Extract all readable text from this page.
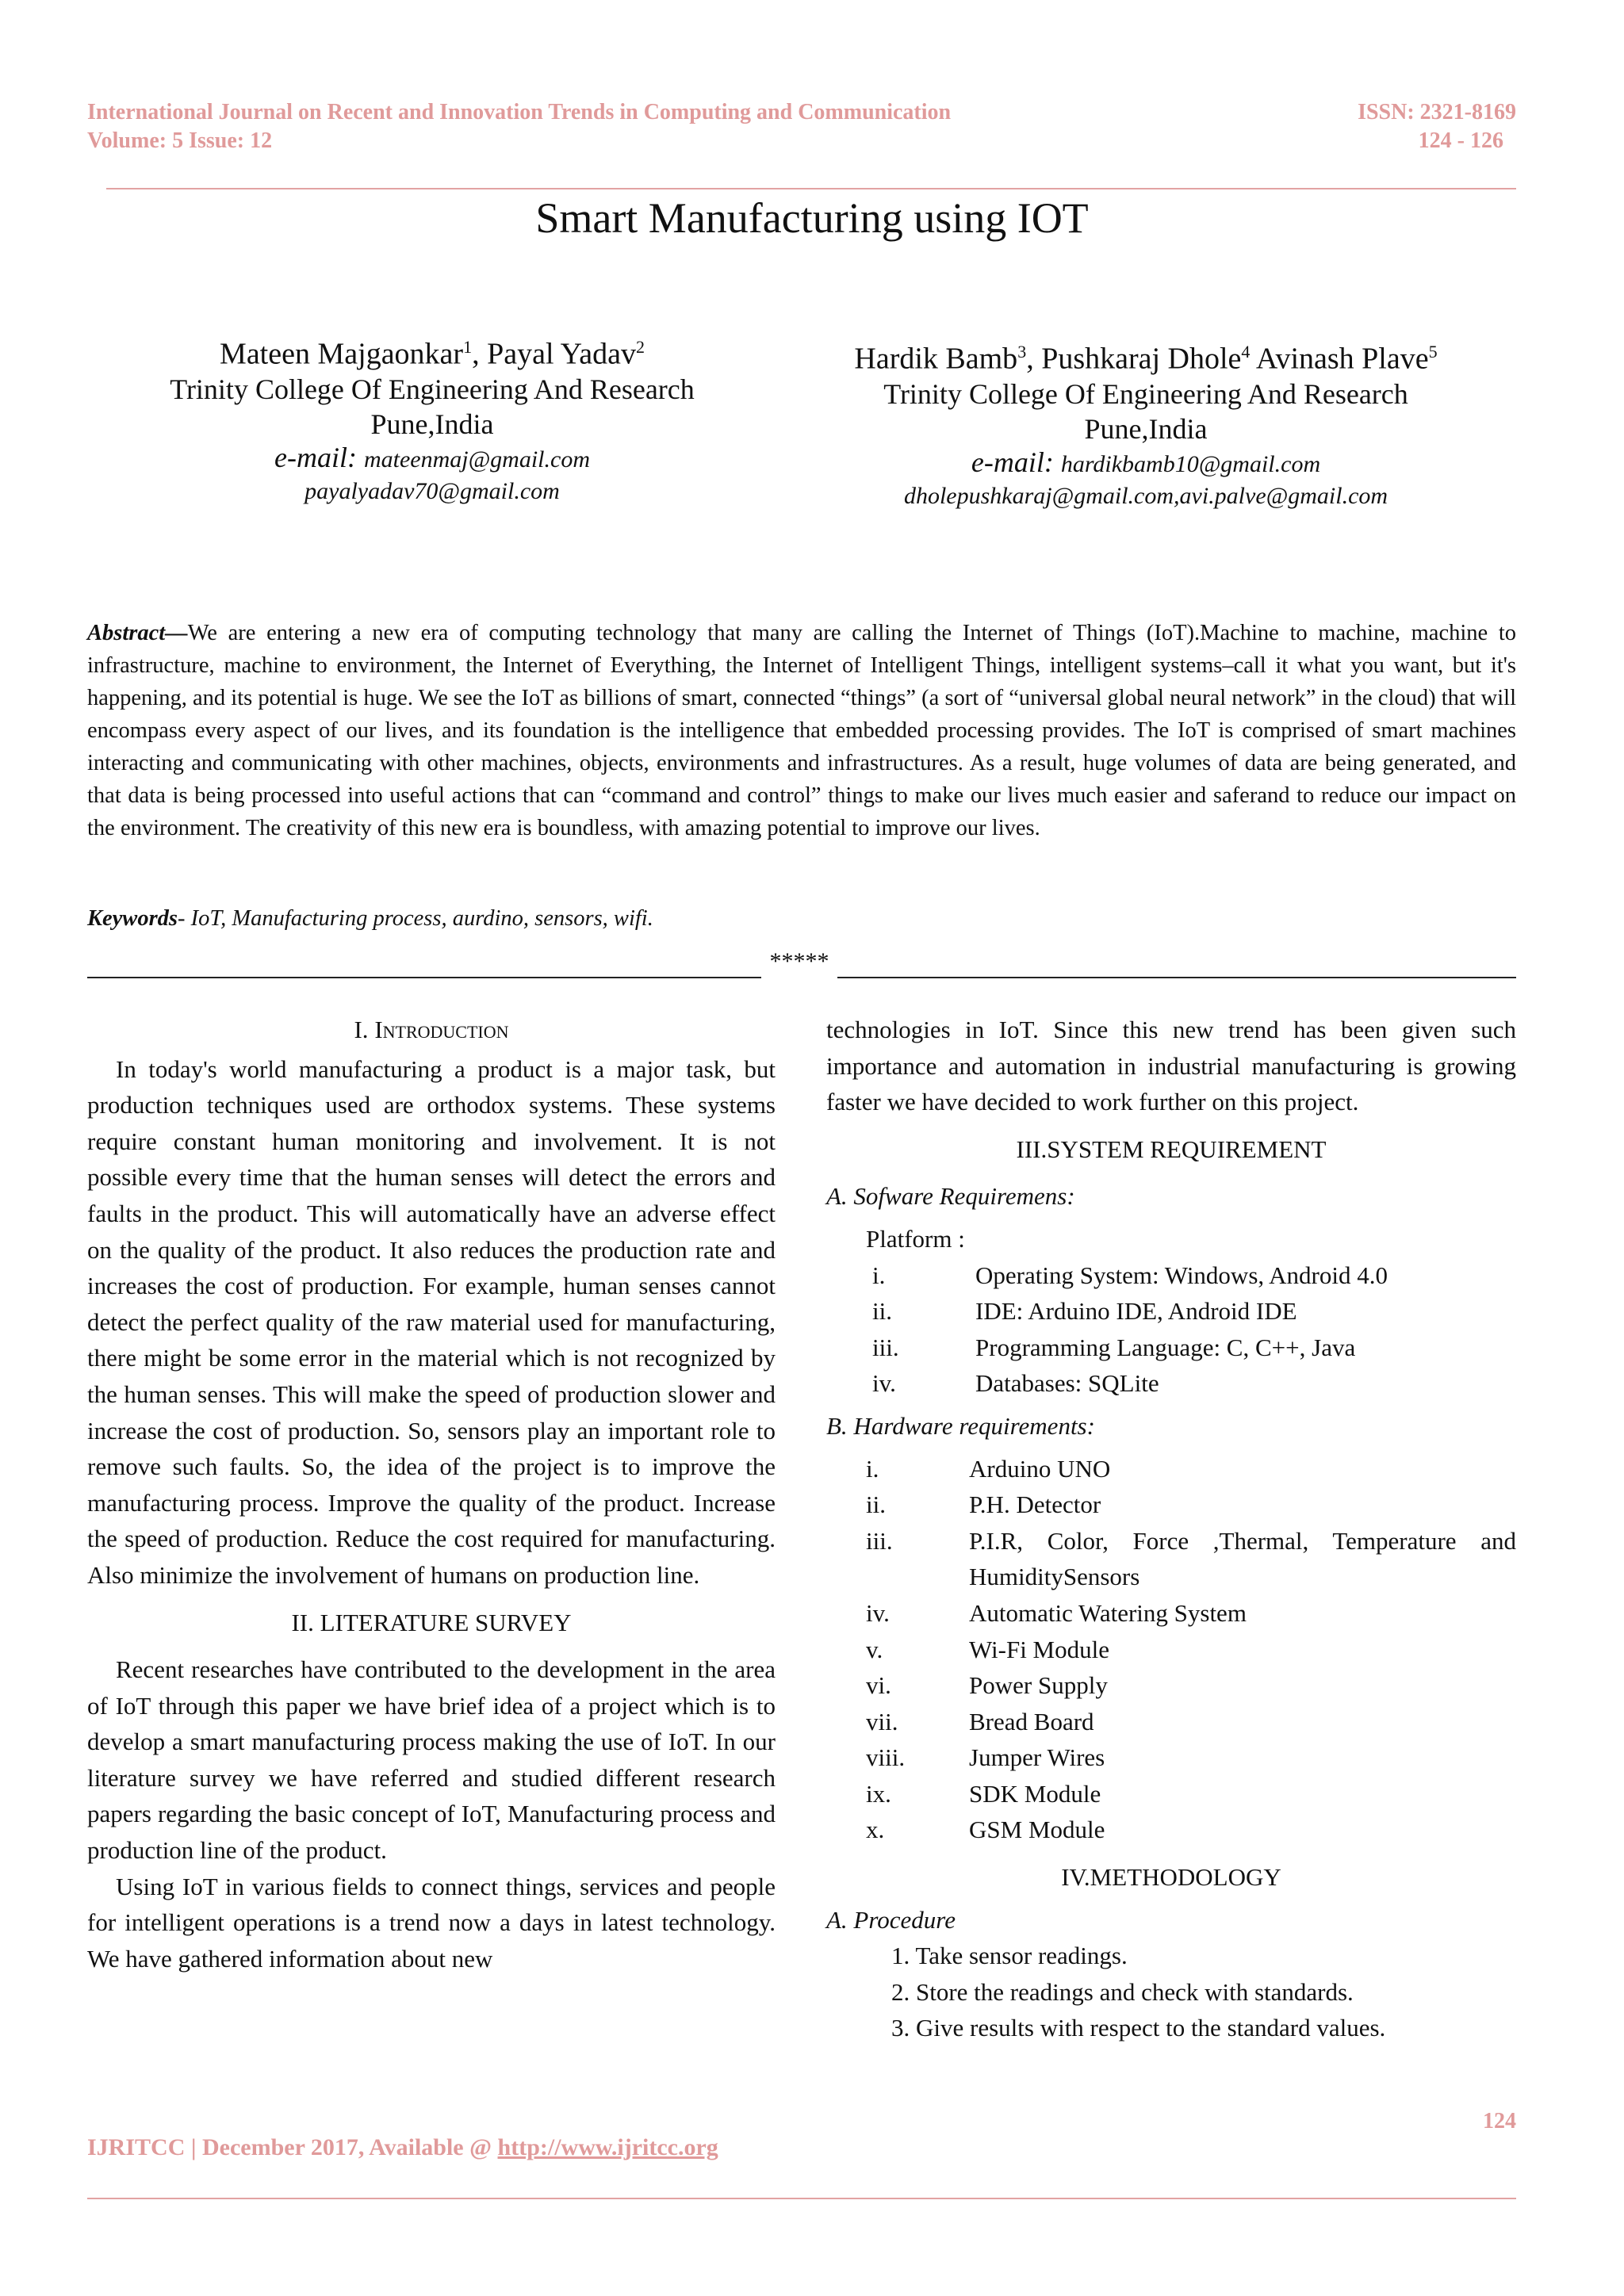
International Journal on Recent and Innovation Trends in Computing and Communication
Volume: 5 Issue: 12
ISSN: 2321-8169
124 - 126
Smart Manufacturing using IOT
Mateen Majgaonkar$^1$, Payal Yadav$^2$
Trinity College Of Engineering And Research
Pune,India
e-mail: mateenmaj@gmail.com
payalyadav70@gmail.com
Hardik Bamb$^3$, Pushkaraj Dhole$^4$ Avinash Plave$^5$
Trinity College Of Engineering And Research
Pune,India
e-mail: hardikbamb10@gmail.com
dholepushkaraj@gmail.com,avi.palve@gmail.com
Abstract—We are entering a new era of computing technology that many are calling the Internet of Things (IoT).Machine to machine, machine to infrastructure, machine to environment, the Internet of Everything, the Internet of Intelligent Things, intelligent systems–call it what you want, but it's happening, and its potential is huge. We see the IoT as billions of smart, connected “things” (a sort of “universal global neural network” in the cloud) that will encompass every aspect of our lives, and its foundation is the intelligence that embedded processing provides. The IoT is comprised of smart machines interacting and communicating with other machines, objects, environments and infrastructures. As a result, huge volumes of data are being generated, and that data is being processed into useful actions that can “command and control” things to make our lives much easier and saferand to reduce our impact on the environment. The creativity of this new era is boundless, with amazing potential to improve our lives.
Keywords- IoT, Manufacturing process, aurdino, sensors, wifi.
*****

I. Introduction

In today's world manufacturing a product is a major task, but production techniques used are orthodox systems. These systems require constant human monitoring and involvement. It is not possible every time that the human senses will detect the errors and faults in the product. This will automatically have an adverse effect on the quality of the product. It also reduces the production rate and increases the cost of production. For example, human senses cannot detect the perfect quality of the raw material used for manufacturing, there might be some error in the material which is not recognized by the human senses. This will make the speed of production slower and increase the cost of production. So, sensors play an important role to remove such faults. So, the idea of the project is to improve the manufacturing process. Improve the quality of the product. Increase the speed of production. Reduce the cost required for manufacturing. Also minimize the involvement of humans on production line.

II. LITERATURE SURVEY

Recent researches have contributed to the development in the area of IoT through this paper we have brief idea of a project which is to develop a smart manufacturing process making the use of IoT. In our literature survey we have referred and studied different research papers regarding the basic concept of IoT, Manufacturing process and production line of the product.

Using IoT in various fields to connect things, services and people for intelligent operations is a trend now a days in latest technology. We have gathered information about new

technologies in IoT. Since this new trend has been given such importance and automation in industrial manufacturing is growing faster we have decided to work further on this project.

III.SYSTEM REQUIREMENT

A. Sofware Requiremens:

Platform :

i.	Operating System: Windows, Android 4.0
ii.	IDE: Arduino IDE, Android IDE
iii.	Programming Language: C, C++, Java
iv.	Databases: SQLite

B. Hardware requirements:

i.	Arduino UNO
ii.	P.H. Detector
iii.	P.I.R, Color, Force ,Thermal, Temperature and HumiditySensors
iv.	Automatic Watering System
v.	Wi-Fi Module
vi.	Power Supply
vii.	Bread Board
viii.	Jumper Wires
ix.	SDK Module
x.	GSM Module

IV.METHODOLOGY

A. Procedure

1. Take sensor readings.
2. Store the readings and check with standards.
3. Give results with respect to the standard values.
124
IJRITCC | December 2017, Available @ http://www.ijritcc.org
